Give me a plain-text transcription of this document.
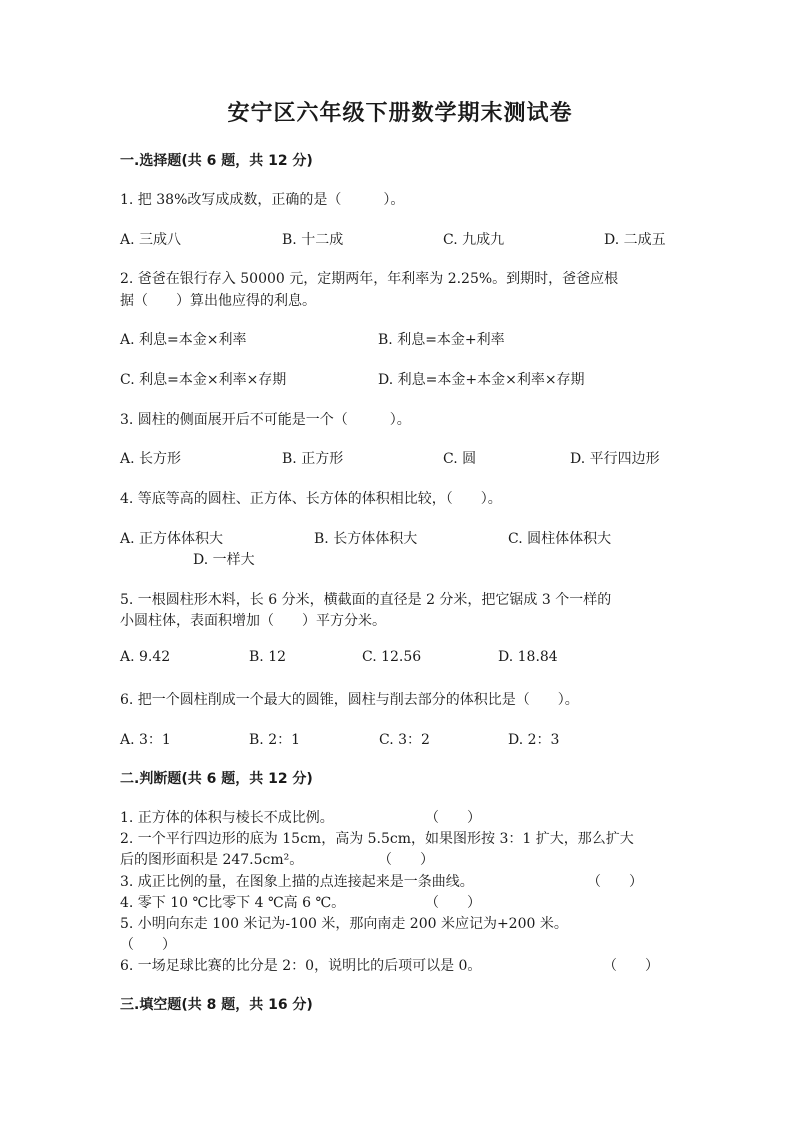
安宁区六年级下册数学期末测试卷
一.选择题(共 6 题，共 12 分)
1. 把 38%改写成成数，正确的是（　　　）。
A. 三成八	B. 十二成	C. 九成九	D. 二成五
2. 爸爸在银行存入 50000 元，定期两年，年利率为 2.25%。到期时，爸爸应根
据（　　）算出他应得的利息。
A. 利息=本金×利率	B. 利息=本金+利率
C. 利息=本金×利率×存期	D. 利息=本金+本金×利率×存期
3. 圆柱的侧面展开后不可能是一个（　　　）。
A. 长方形	B. 正方形	C. 圆	D. 平行四边形
4. 等底等高的圆柱、正方体、长方体的体积相比较，（　　）。
A. 正方体体积大	B. 长方体体积大	C. 圆柱体体积大
D. 一样大
5. 一根圆柱形木料，长 6 分米，横截面的直径是 2 分米，把它锯成 3 个一样的
小圆柱体，表面积增加（　　）平方分米。
A. 9.42	B. 12	C. 12.56	D. 18.84
6. 把一个圆柱削成一个最大的圆锥，圆柱与削去部分的体积比是（　　）。
A. 3：1	B. 2：1	C. 3：2	D. 2：3
二.判断题(共 6 题，共 12 分)
1. 正方体的体积与棱长不成比例。	（　　）
2. 一个平行四边形的底为 15cm，高为 5.5cm，如果图形按 3：1 扩大，那么扩大
后的图形面积是 247.5cm²。	（　　）
3. 成正比例的量，在图象上描的点连接起来是一条曲线。	（　　）
4. 零下 10 ℃比零下 4 ℃高 6 ℃。	（　　）
5. 小明向东走 100 米记为-100 米，那向南走 200 米应记为+200 米。
（　　）
6. 一场足球比赛的比分是 2：0，说明比的后项可以是 0。	（　　）
三.填空题(共 8 题，共 16 分)
